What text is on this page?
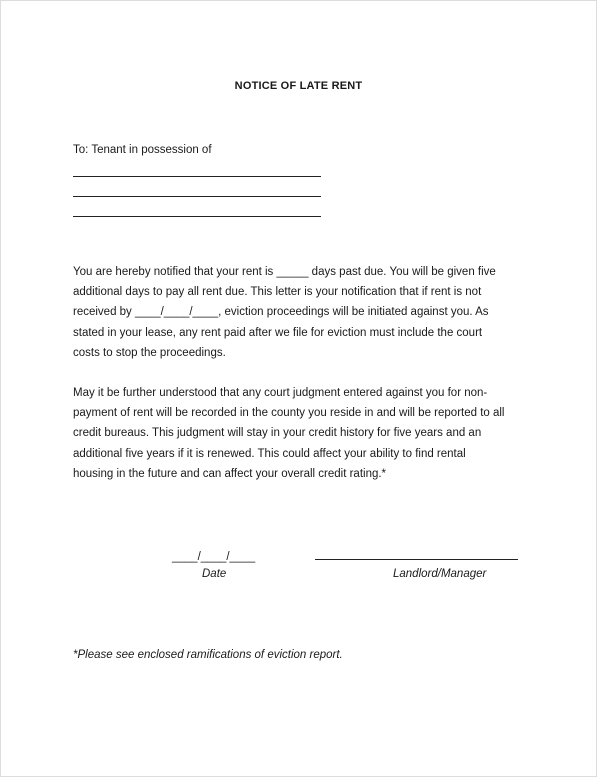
NOTICE OF LATE RENT
To: Tenant in possession of

You are hereby notified that your rent is _____ days past due. You will be given five
additional days to pay all rent due. This letter is your notification that if rent is not
received by ____/____/____, eviction proceedings will be initiated against you. As
stated in your lease, any rent paid after we file for eviction must include the court
costs to stop the proceedings.

May it be further understood that any court judgment entered against you for non-
payment of rent will be recorded in the county you reside in and will be reported to all
credit bureaus. This judgment will stay in your credit history for five years and an
additional five years if it is renewed. This could affect your ability to find rental
housing in the future and can affect your overall credit rating.*

____/____/____
Date	Landlord/Manager
*Please see enclosed ramifications of eviction report.
